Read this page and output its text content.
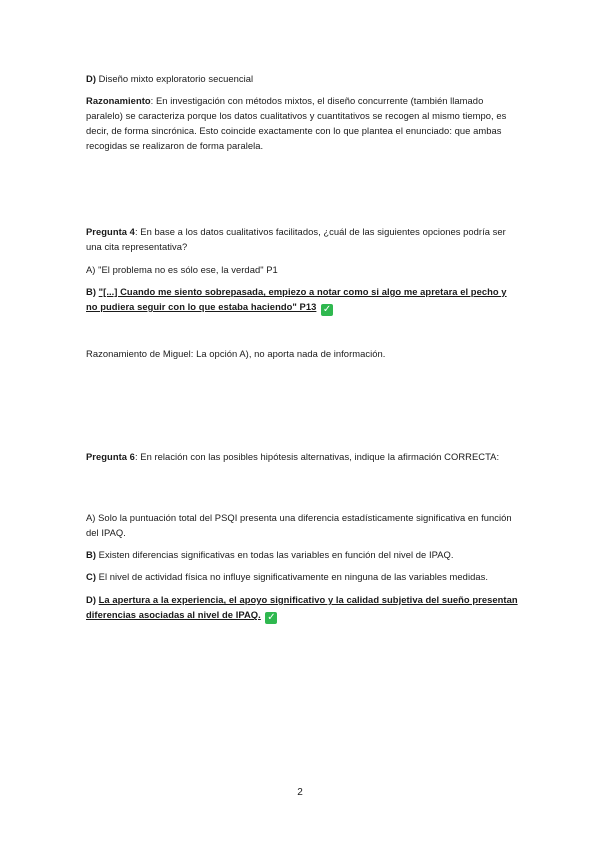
D) Diseño mixto exploratorio secuencial
Razonamiento: En investigación con métodos mixtos, el diseño concurrente (también llamado paralelo) se caracteriza porque los datos cualitativos y cuantitativos se recogen al mismo tiempo, es decir, de forma sincrónica. Esto coincide exactamente con lo que plantea el enunciado: que ambas recogidas se realizaron de forma paralela.
Pregunta 4: En base a los datos cualitativos facilitados, ¿cuál de las siguientes opciones podría ser una cita representativa?
A) "El problema no es sólo ese, la verdad" P1
B) "[...] Cuando me siento sobrepasada, empiezo a notar como si algo me apretara el pecho y no pudiera seguir con lo que estaba haciendo" P13 ✓
Razonamiento de Miguel: La opción A), no aporta nada de información.
Pregunta 6: En relación con las posibles hipótesis alternativas, indique la afirmación CORRECTA:
A) Solo la puntuación total del PSQI presenta una diferencia estadísticamente significativa en función del IPAQ.
B) Existen diferencias significativas en todas las variables en función del nivel de IPAQ.
C) El nivel de actividad física no influye significativamente en ninguna de las variables medidas.
D) La apertura a la experiencia, el apoyo significativo y la calidad subjetiva del sueño presentan diferencias asociadas al nivel de IPAQ. ✓
2
